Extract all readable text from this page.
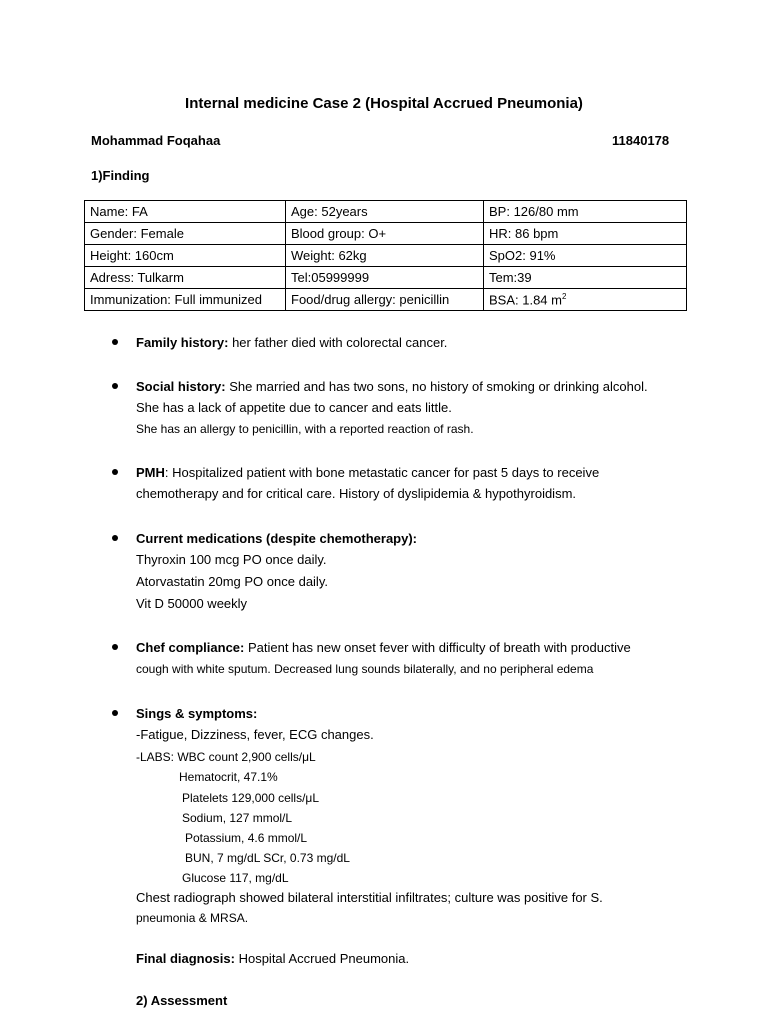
Internal medicine Case 2 (Hospital Accrued Pneumonia)
Mohammad Foqahaa	11840178
1)Finding
Name: FA	Age: 52years	BP: 126/80 mm
Gender: Female	Blood group: O+	HR: 86 bpm
Height: 160cm	Weight: 62kg	SpO2: 91%
Adress: Tulkarm	Tel:05999999	Tem:39
Immunization: Full immunized	Food/drug allergy: penicillin	BSA: 1.84 $m^2$
Family history: her father died with colorectal cancer.
Social history: She married and has two sons, no history of smoking or drinking alcohol.
She has a lack of appetite due to cancer and eats little.
She has an allergy to penicillin, with a reported reaction of rash.
PMH: Hospitalized patient with bone metastatic cancer for past 5 days to receive
chemotherapy and for critical care. History of dyslipidemia & hypothyroidism.
Current medications (despite chemotherapy):
Thyroxin 100 mcg PO once daily.
Atorvastatin 20mg PO once daily.
Vit D 50000 weekly
Chef compliance: Patient has new onset fever with difficulty of breath with productive
cough with white sputum. Decreased lung sounds bilaterally, and no peripheral edema
Sings & symptoms:
-Fatigue, Dizziness, fever, ECG changes.
-LABS: WBC count 2,900 cells/μL
Hematocrit, 47.1%
Platelets 129,000 cells/μL
Sodium, 127 mmol/L
Potassium, 4.6 mmol/L
BUN, 7 mg/dL SCr, 0.73 mg/dL
Glucose 117, mg/dL
Chest radiograph showed bilateral interstitial infiltrates; culture was positive for S.
pneumonia & MRSA.
Final diagnosis: Hospital Accrued Pneumonia.
2) Assessment
